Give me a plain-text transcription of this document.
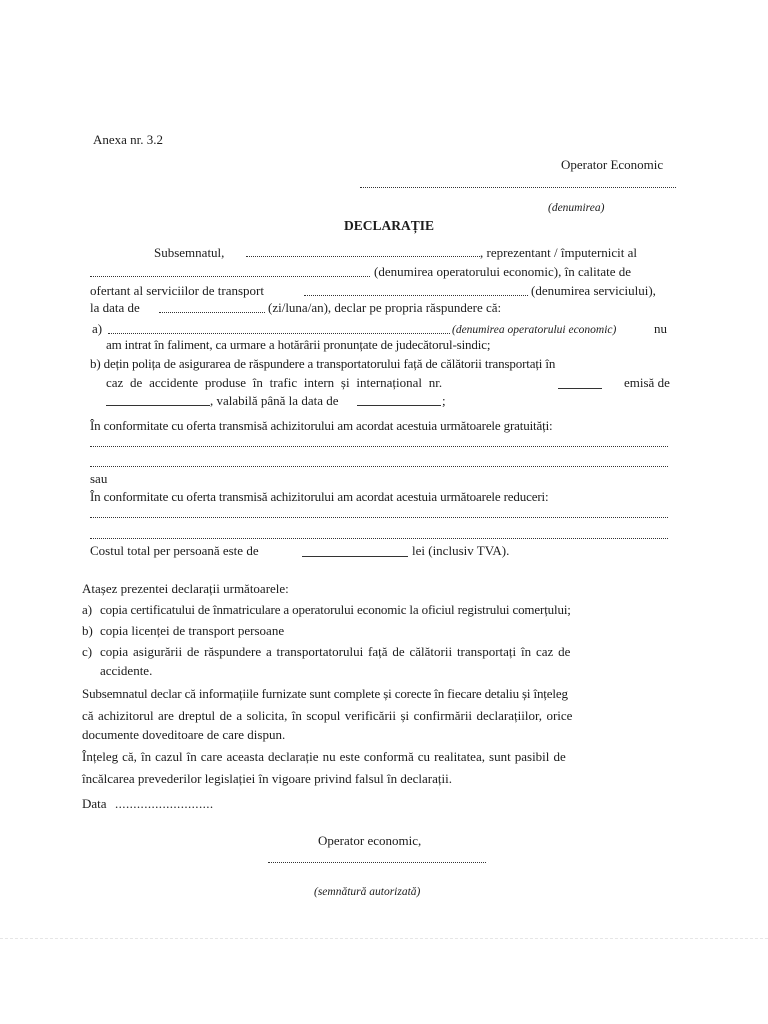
Anexa nr. 3.2
Operator Economic
(denumirea)
DECLARAȚIE
Subsemnatul,	, reprezentant / împuternicit al
(denumirea operatorului economic), în calitate de
ofertant al serviciilor de transport	(denumirea serviciului),
la data de	(zi/luna/an), declar pe propria răspundere că:
a)	(denumirea operatorului economic)	nu
am intrat în faliment, ca urmare a hotărârii pronunțate de judecătorul-sindic;
b) dețin polița de asigurarea de răspundere a transportatorului față de călătorii transportați în
caz de accidente produse în trafic intern și internațional nr.	emisă de
, valabilă până la data de	;
În conformitate cu oferta transmisă achizitorului am acordat acestuia următoarele gratuități:
sau
În conformitate cu oferta transmisă achizitorului am acordat acestuia următoarele reduceri:
Costul total per persoană este de	lei (inclusiv TVA).
Atașez prezentei declarații următoarele:
a) copia certificatului de înmatriculare a operatorului economic la oficiul registrului comerțului;
b) copia licenței de transport persoane
c) copia asigurării de răspundere a transportatorului față de călătorii transportați în caz de
accidente.
Subsemnatul declar că informațiile furnizate sunt complete și corecte în fiecare detaliu și înțeleg
că achizitorul are dreptul de a solicita, în scopul verificării și confirmării declarațiilor, orice
documente doveditoare de care dispun.
Înțeleg că, în cazul în care aceasta declarație nu este conformă cu realitatea, sunt pasibil de
încălcarea prevederilor legislației în vigoare privind falsul în declarații.
Data ...........................
Operator economic,
(semnătură autorizată)
